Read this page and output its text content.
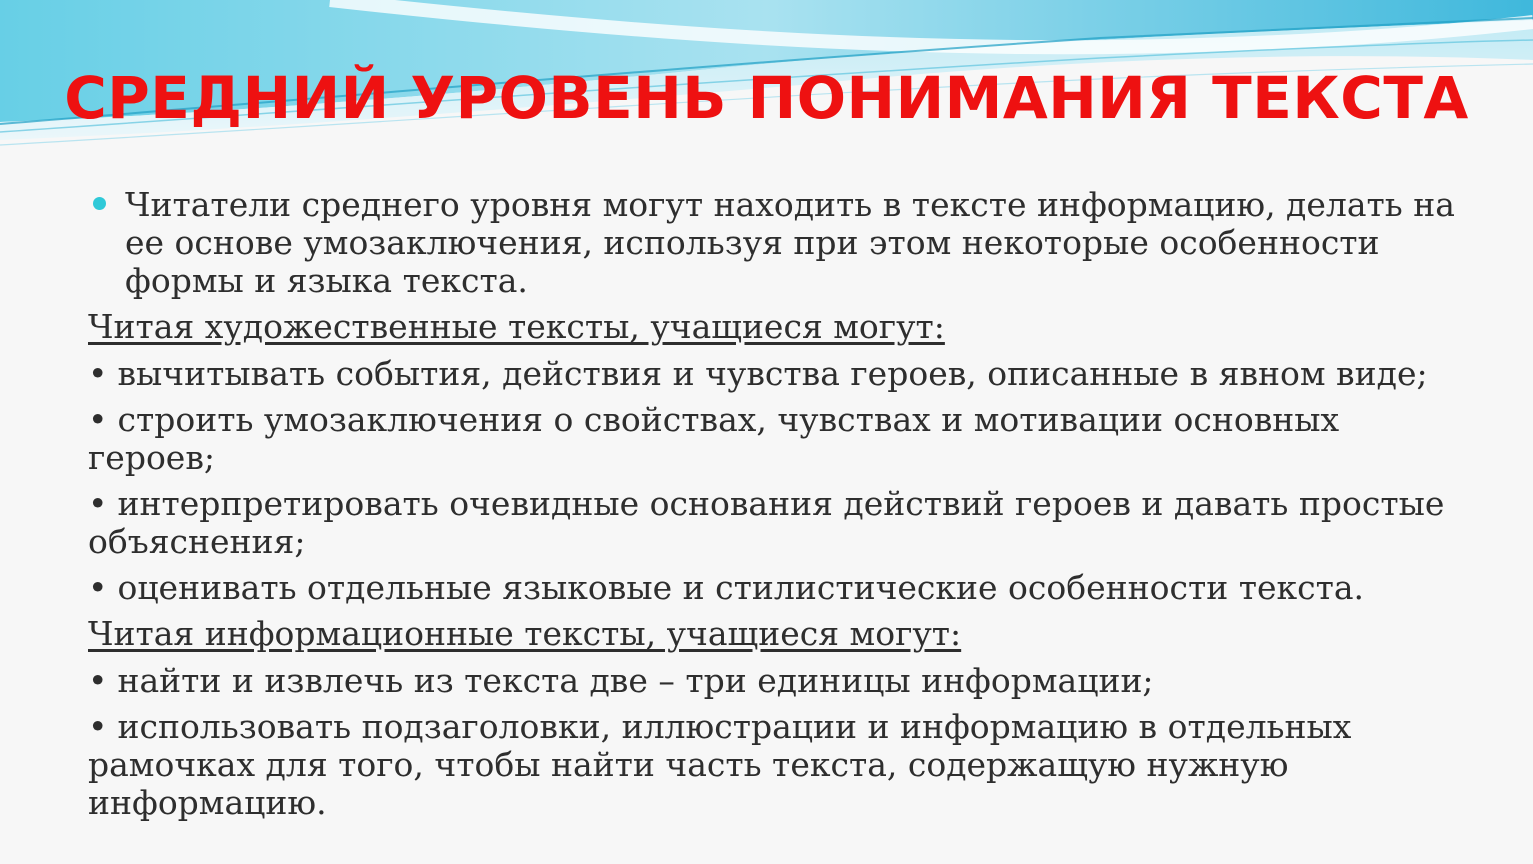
СРЕДНИЙ УРОВЕНЬ ПОНИМАНИЯ ТЕКСТА
Читатели среднего уровня могут находить в тексте информацию, делать на ее основе умозаключения, используя при этом некоторые особенности формы и языка текста.
Читая художественные тексты, учащиеся могут:
• вычитывать события, действия и чувства героев, описанные в явном виде;
• строить умозаключения о свойствах, чувствах и мотивации основных героев;
• интерпретировать очевидные основания действий героев и давать простые объяснения;
• оценивать отдельные языковые и стилистические особенности текста.
Читая информационные тексты, учащиеся могут:
• найти и извлечь из текста две – три единицы информации;
• использовать подзаголовки, иллюстрации и информацию в отдельных рамочках для того, чтобы найти часть текста, содержащую нужную информацию.
